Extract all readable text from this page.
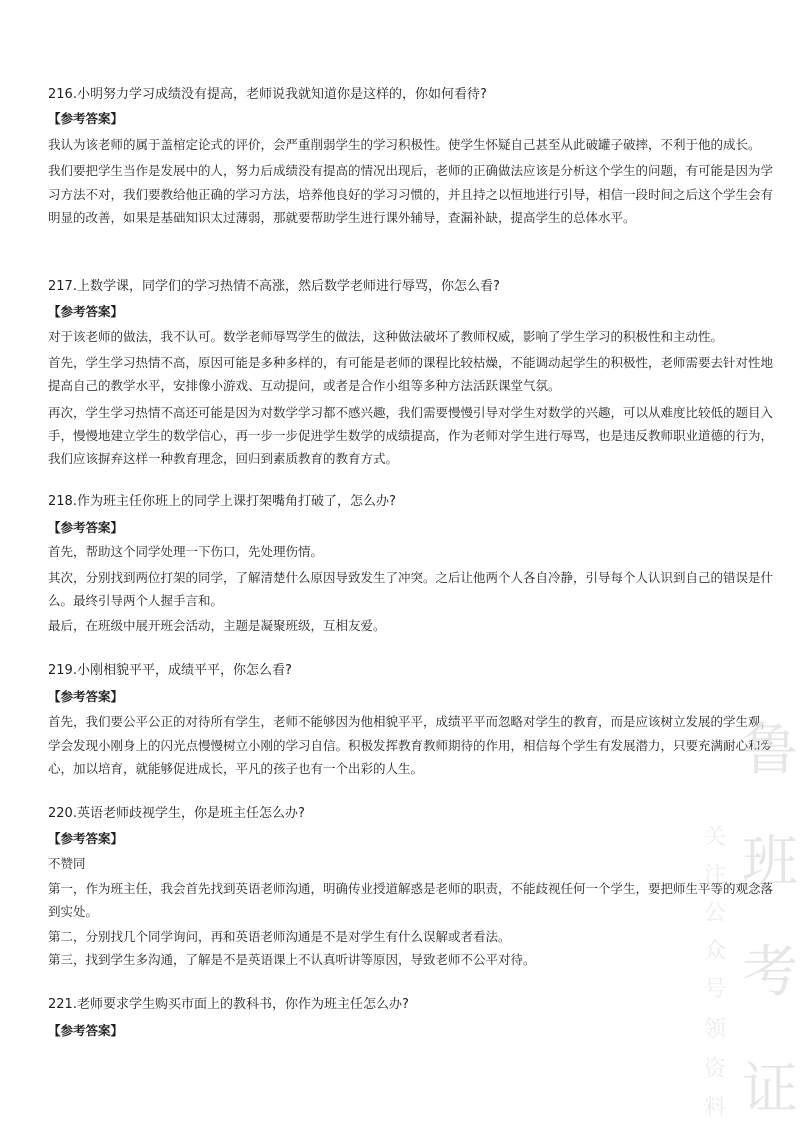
216.小明努力学习成绩没有提高，老师说我就知道你是这样的，你如何看待?
【参考答案】
我认为该老师的属于盖棺定论式的评价，会严重削弱学生的学习积极性。使学生怀疑自己甚至从此破罐子破摔，不利于他的成长。
我们要把学生当作是发展中的人，努力后成绩没有提高的情况出现后，老师的正确做法应该是分析这个学生的问题，有可能是因为学
习方法不对，我们要教给他正确的学习方法，培养他良好的学习习惯的，并且持之以恒地进行引导，相信一段时间之后这个学生会有
明显的改善，如果是基础知识太过薄弱，那就要帮助学生进行课外辅导，查漏补缺，提高学生的总体水平。
217.上数学课，同学们的学习热情不高涨，然后数学老师进行辱骂，你怎么看?
【参考答案】
对于该老师的做法，我不认可。数学老师辱骂学生的做法，这种做法破坏了教师权威，影响了学生学习的积极性和主动性。
首先，学生学习热情不高，原因可能是多种多样的，有可能是老师的课程比较枯燥，不能调动起学生的积极性，老师需要去针对性地
提高自己的教学水平，安排像小游戏、互动提问，或者是合作小组等多种方法活跃课堂气氛。
再次，学生学习热情不高还可能是因为对数学学习都不感兴趣，我们需要慢慢引导对学生对数学的兴趣，可以从难度比较低的题目入
手，慢慢地建立学生的数学信心，再一步一步促进学生数学的成绩提高，作为老师对学生进行辱骂，也是违反教师职业道德的行为，
我们应该摒弃这样一种教育理念，回归到素质教育的教育方式。
218.作为班主任你班上的同学上课打架嘴角打破了，怎么办?
【参考答案】
首先，帮助这个同学处理一下伤口，先处理伤情。
其次，分别找到两位打架的同学，了解清楚什么原因导致发生了冲突。之后让他两个人各自冷静，引导每个人认识到自己的错误是什
么。最终引导两个人握手言和。
最后，在班级中展开班会活动，主题是凝聚班级，互相友爱。
219.小刚相貌平平，成绩平平，你怎么看?
【参考答案】
首先，我们要公平公正的对待所有学生，老师不能够因为他相貌平平，成绩平平而忽略对学生的教育，而是应该树立发展的学生观，
学会发现小刚身上的闪光点慢慢树立小刚的学习自信。积极发挥教育教师期待的作用，相信每个学生有发展潜力，只要充满耐心和爱
心，加以培育，就能够促进成长，平凡的孩子也有一个出彩的人生。
220.英语老师歧视学生，你是班主任怎么办?
【参考答案】
不赞同
第一，作为班主任，我会首先找到英语老师沟通，明确传业授道解惑是老师的职责，不能歧视任何一个学生，要把师生平等的观念落
到实处。
第二，分别找几个同学询问，再和英语老师沟通是不是对学生有什么误解或者看法。
第三，找到学生多沟通，了解是不是英语课上不认真听讲等原因，导致老师不公平对待。
221.老师要求学生购买市面上的教科书，你作为班主任怎么办?
【参考答案】
鲁
班
考
证
关
注
公
众
号
领
资
料
